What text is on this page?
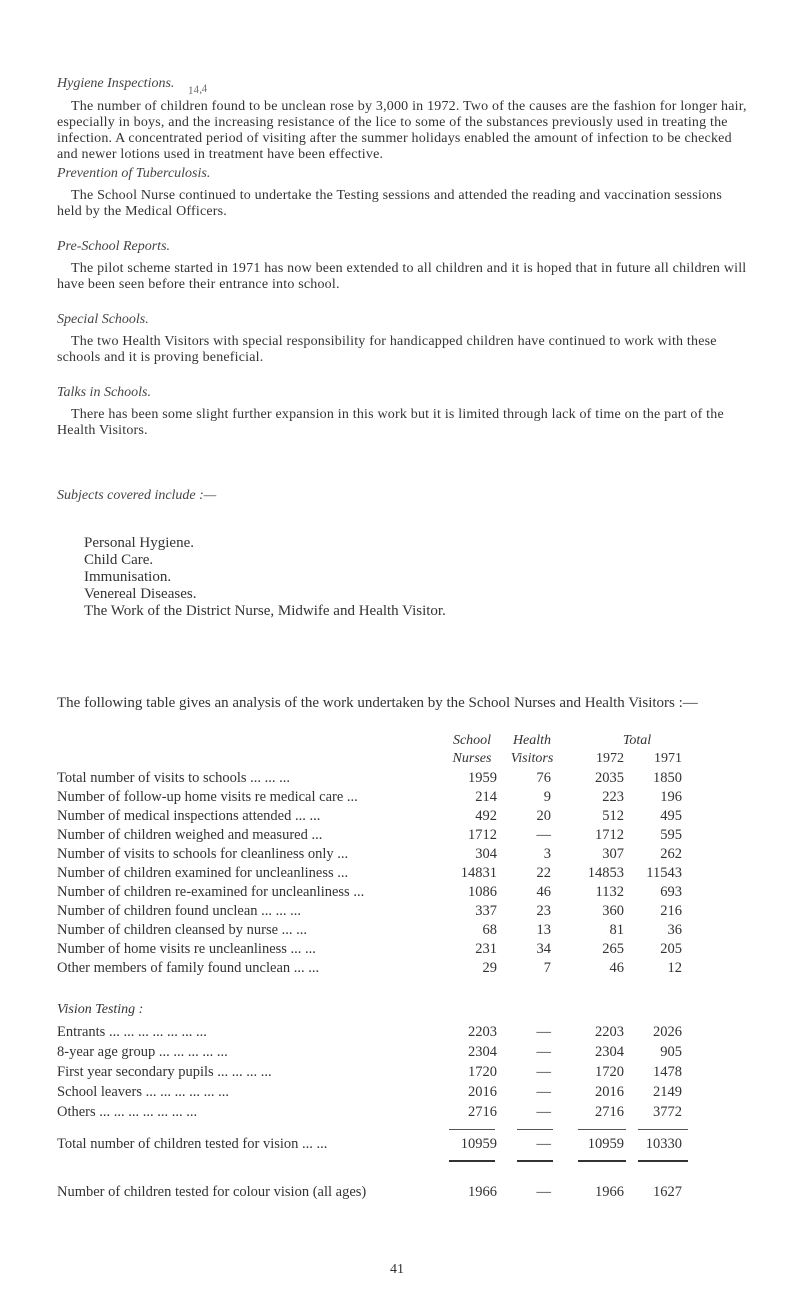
Hygiene Inspections. 14,4

The number of children found to be unclean rose by 3,000 in 1972. Two of the causes are the fashion for longer hair, especially in boys, and the increasing resistance of the lice to some of the substances previously used in treating the infection. A concentrated period of visiting after the summer holidays enabled the amount of infection to be checked and newer lotions used in treatment have been effective.

Prevention of Tuberculosis.

The School Nurse continued to undertake the Testing sessions and attended the reading and vaccination sessions held by the Medical Officers.

Pre-School Reports.

The pilot scheme started in 1971 has now been extended to all children and it is hoped that in future all children will have been seen before their entrance into school.

Special Schools.

The two Health Visitors with special responsibility for handicapped children have continued to work with these schools and it is proving beneficial.

Talks in Schools.

There has been some slight further expansion in this work but it is limited through lack of time on the part of the Health Visitors.

Subjects covered include :—
Personal Hygiene.
Child Care.
Immunisation.
Venereal Diseases.
The Work of the District Nurse, Midwife and Health Visitor.

The following table gives an analysis of the work undertaken by the School Nurses and Health Visitors :—

School
Nurses
Health
Visitors
Total
1972	1971
Total number of visits to schools ... ... ...	1959	76	2035	1850
Number of follow-up home visits re medical care ...	214	9	223	196
Number of medical inspections attended ... ...	492	20	512	495
Number of children weighed and measured ...	1712	—	1712	595
Number of visits to schools for cleanliness only ...	304	3	307	262
Number of children examined for uncleanliness ...	14831	22	14853	11543
Number of children re-examined for uncleanliness ...	1086	46	1132	693
Number of children found unclean ... ... ...	337	23	360	216
Number of children cleansed by nurse ... ...	68	13	81	36
Number of home visits re uncleanliness ... ...	231	34	265	205
Other members of family found unclean ... ...	29	7	46	12
Vision Testing :
Entrants ... ... ... ... ... ... ...	2203	—	2203	2026
8-year age group ... ... ... ... ...	2304	—	2304	905
First year secondary pupils ... ... ... ...	1720	—	1720	1478
School leavers ... ... ... ... ... ...	2016	—	2016	2149
Others ... ... ... ... ... ... ...	2716	—	2716	3772
Total number of children tested for vision ... ...	10959	—	10959	10330
Number of children tested for colour vision (all ages)	1966	—	1966	1627
41
